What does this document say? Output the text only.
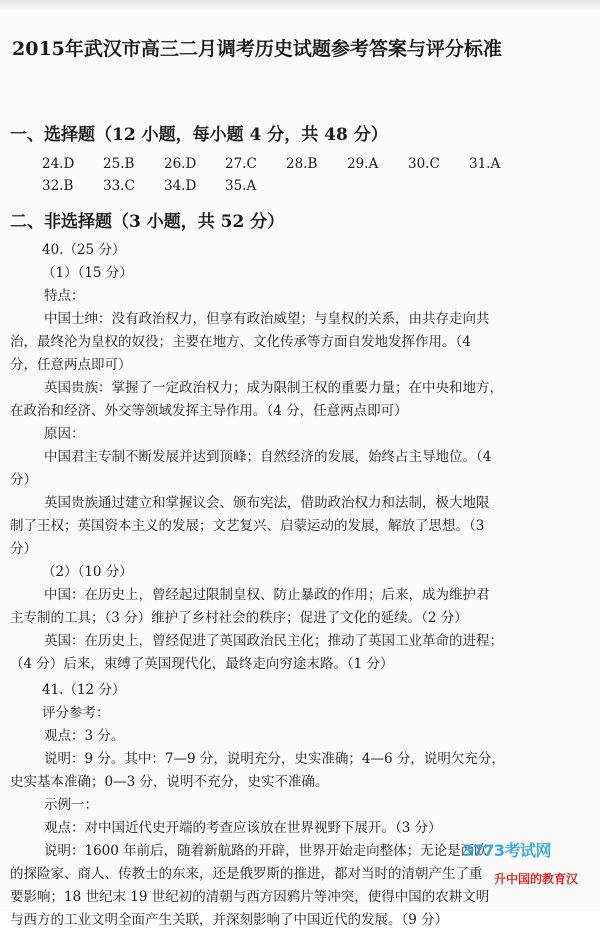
2015年武汉市高三二月调考历史试题参考答案与评分标准
一、选择题（12 小题，每小题 4 分，共 48 分）
24.D 25.B 26.D 27.C 28.B 29.A 30.C 31.A
32.B 33.C 34.D 35.A
二、非选择题（3 小题，共 52 分）
40.（25 分）
（1）（15 分）
特点：
中国士绅：没有政治权力，但享有政治威望；与皇权的关系，由共存走向共
治，最终沦为皇权的奴役；主要在地方、文化传承等方面自发地发挥作用。（4
分，任意两点即可）
英国贵族：掌握了一定政治权力；成为限制王权的重要力量；在中央和地方，
在政治和经济、外交等领域发挥主导作用。（4 分，任意两点即可）
原因：
中国君主专制不断发展并达到顶峰；自然经济的发展，始终占主导地位。（4
分）
英国贵族通过建立和掌握议会、颁布宪法，借助政治权力和法制，极大地限
制了王权；英国资本主义的发展；文艺复兴、启蒙运动的发展，解放了思想。（3
分）
（2）（10 分）
中国：在历史上，曾经起过限制皇权、防止暴政的作用；后来，成为维护君
主专制的工具；（3 分）维护了乡村社会的秩序；促进了文化的延续。（2 分）
英国：在历史上，曾经促进了英国政治民主化；推动了英国工业革命的进程；
（4 分）后来，束缚了英国现代化，最终走向穷途末路。（1 分）
41.（12 分）
评分参考：
观点：3 分。
说明：9 分。其中：7—9 分，说明充分，史实准确；4—6 分，说明欠充分，
史实基本准确；0—3 分，说明不充分，史实不准确。
示例一：
观点：对中国近代史开端的考查应该放在世界视野下展开。（3 分）
说明：1600 年前后，随着新航路的开辟，世界开始走向整体；无论是西欧
的探险家、商人、传教士的东来，还是俄罗斯的推进，都对当时的清朝产生了重
要影响；18 世纪末 19 世纪初的清朝与西方因鸦片等冲突，使得中国的农耕文明
与西方的工业文明全面产生关联，并深刻影响了中国近代的发展。（9 分）
3773考试网
升中国的教育汉
